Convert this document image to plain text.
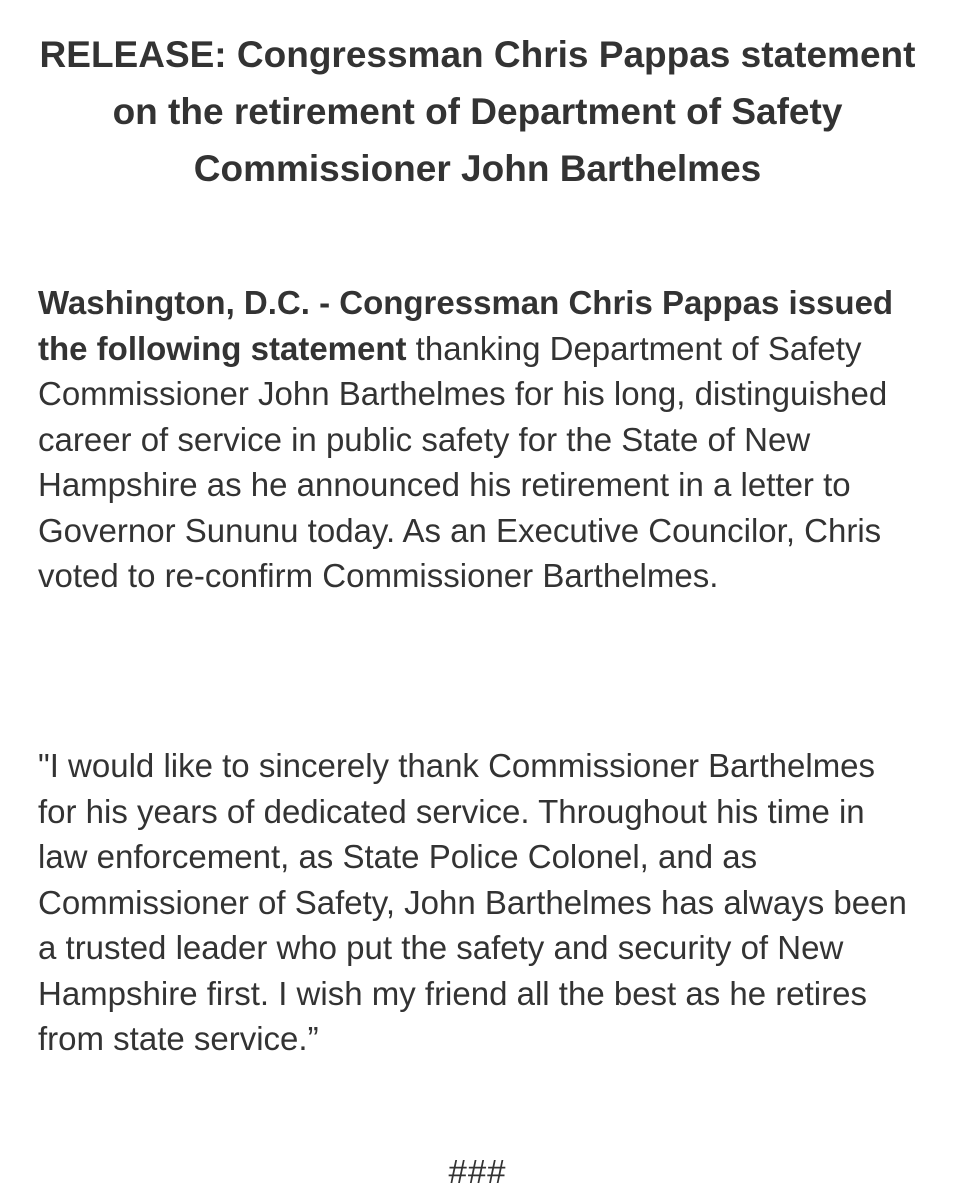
RELEASE: Congressman Chris Pappas statement on the retirement of Department of Safety Commissioner John Barthelmes

Washington, D.C. - Congressman Chris Pappas issued the following statement thanking Department of Safety Commissioner John Barthelmes for his long, distinguished career of service in public safety for the State of New Hampshire as he announced his retirement in a letter to Governor Sununu today. As an Executive Councilor, Chris voted to re-confirm Commissioner Barthelmes.

"I would like to sincerely thank Commissioner Barthelmes for his years of dedicated service. Throughout his time in law enforcement, as State Police Colonel, and as Commissioner of Safety, John Barthelmes has always been a trusted leader who put the safety and security of New Hampshire first. I wish my friend all the best as he retires from state service.”

###
